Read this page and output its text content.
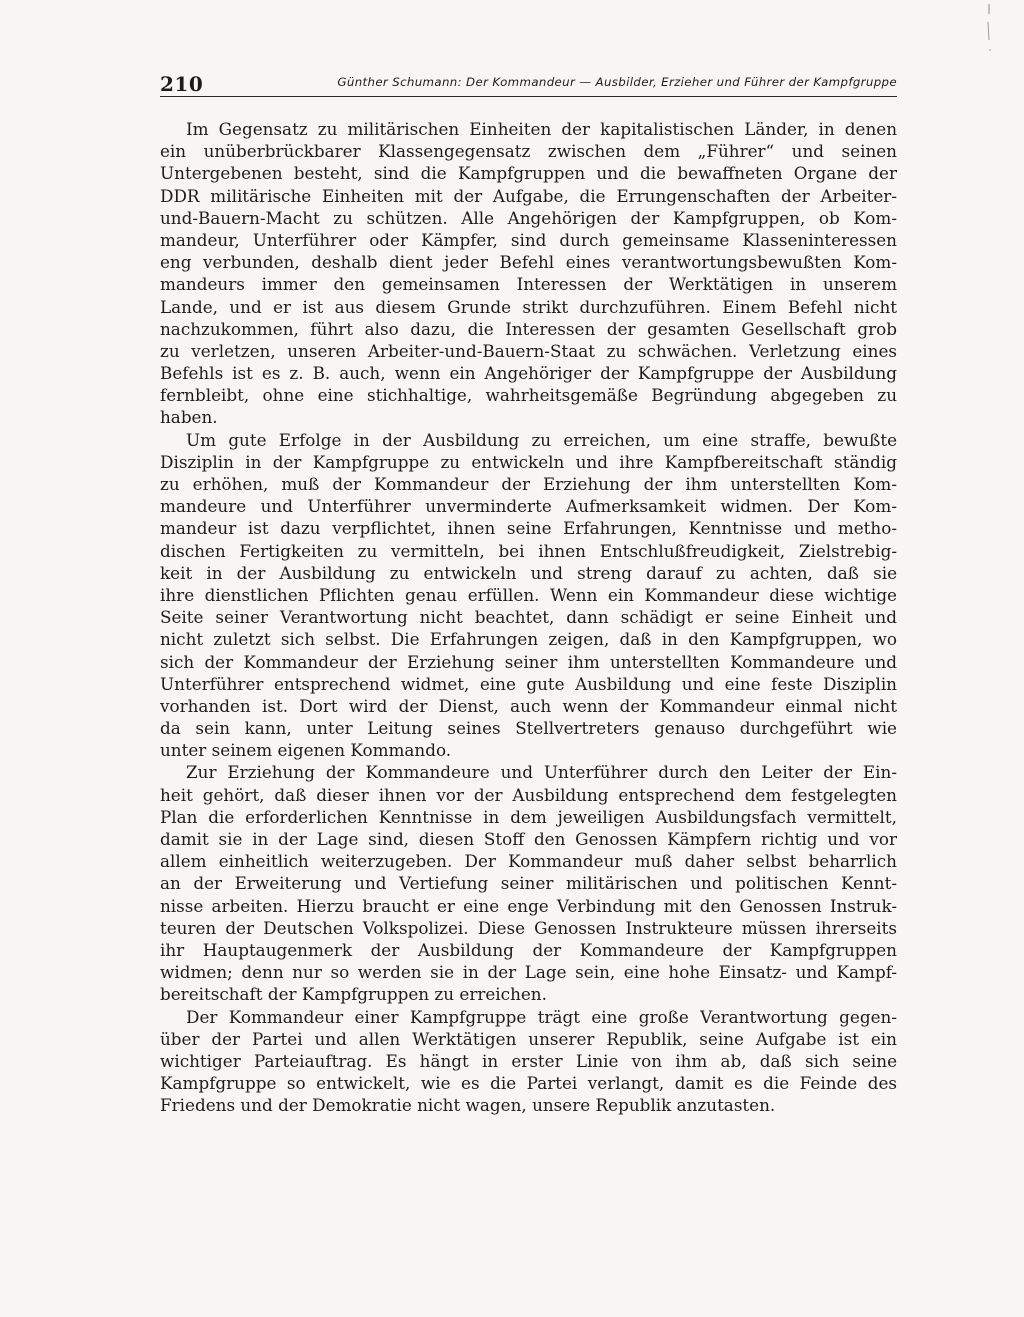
210	Günther Schumann: Der Kommandeur — Ausbilder, Erzieher und Führer der Kampfgruppe
Im Gegensatz zu militärischen Einheiten der kapitalistischen Länder, in denen
ein unüberbrückbarer Klassengegensatz zwischen dem „Führer“ und seinen
Untergebenen besteht, sind die Kampfgruppen und die bewaffneten Organe der
DDR militärische Einheiten mit der Aufgabe, die Errungenschaften der Arbeiter-
und-Bauern-Macht zu schützen. Alle Angehörigen der Kampfgruppen, ob Kom-
mandeur, Unterführer oder Kämpfer, sind durch gemeinsame Klasseninteressen
eng verbunden, deshalb dient jeder Befehl eines verantwortungsbewußten Kom-
mandeurs immer den gemeinsamen Interessen der Werktätigen in unserem
Lande, und er ist aus diesem Grunde strikt durchzuführen. Einem Befehl nicht
nachzukommen, führt also dazu, die Interessen der gesamten Gesellschaft grob
zu verletzen, unseren Arbeiter-und-Bauern-Staat zu schwächen. Verletzung eines
Befehls ist es z. B. auch, wenn ein Angehöriger der Kampfgruppe der Ausbildung
fernbleibt, ohne eine stichhaltige, wahrheitsgemäße Begründung abgegeben zu
haben.
Um gute Erfolge in der Ausbildung zu erreichen, um eine straffe, bewußte
Disziplin in der Kampfgruppe zu entwickeln und ihre Kampfbereitschaft ständig
zu erhöhen, muß der Kommandeur der Erziehung der ihm unterstellten Kom-
mandeure und Unterführer unverminderte Aufmerksamkeit widmen. Der Kom-
mandeur ist dazu verpflichtet, ihnen seine Erfahrungen, Kenntnisse und metho-
dischen Fertigkeiten zu vermitteln, bei ihnen Entschlußfreudigkeit, Zielstrebig-
keit in der Ausbildung zu entwickeln und streng darauf zu achten, daß sie
ihre dienstlichen Pflichten genau erfüllen. Wenn ein Kommandeur diese wichtige
Seite seiner Verantwortung nicht beachtet, dann schädigt er seine Einheit und
nicht zuletzt sich selbst. Die Erfahrungen zeigen, daß in den Kampfgruppen, wo
sich der Kommandeur der Erziehung seiner ihm unterstellten Kommandeure und
Unterführer entsprechend widmet, eine gute Ausbildung und eine feste Disziplin
vorhanden ist. Dort wird der Dienst, auch wenn der Kommandeur einmal nicht
da sein kann, unter Leitung seines Stellvertreters genauso durchgeführt wie
unter seinem eigenen Kommando.
Zur Erziehung der Kommandeure und Unterführer durch den Leiter der Ein-
heit gehört, daß dieser ihnen vor der Ausbildung entsprechend dem festgelegten
Plan die erforderlichen Kenntnisse in dem jeweiligen Ausbildungsfach vermittelt,
damit sie in der Lage sind, diesen Stoff den Genossen Kämpfern richtig und vor
allem einheitlich weiterzugeben. Der Kommandeur muß daher selbst beharrlich
an der Erweiterung und Vertiefung seiner militärischen und politischen Kennt-
nisse arbeiten. Hierzu braucht er eine enge Verbindung mit den Genossen Instruk-
teuren der Deutschen Volkspolizei. Diese Genossen Instrukteure müssen ihrerseits
ihr Hauptaugenmerk der Ausbildung der Kommandeure der Kampfgruppen
widmen; denn nur so werden sie in der Lage sein, eine hohe Einsatz- und Kampf-
bereitschaft der Kampfgruppen zu erreichen.
Der Kommandeur einer Kampfgruppe trägt eine große Verantwortung gegen-
über der Partei und allen Werktätigen unserer Republik, seine Aufgabe ist ein
wichtiger Parteiauftrag. Es hängt in erster Linie von ihm ab, daß sich seine
Kampfgruppe so entwickelt, wie es die Partei verlangt, damit es die Feinde des
Friedens und der Demokratie nicht wagen, unsere Republik anzutasten.
